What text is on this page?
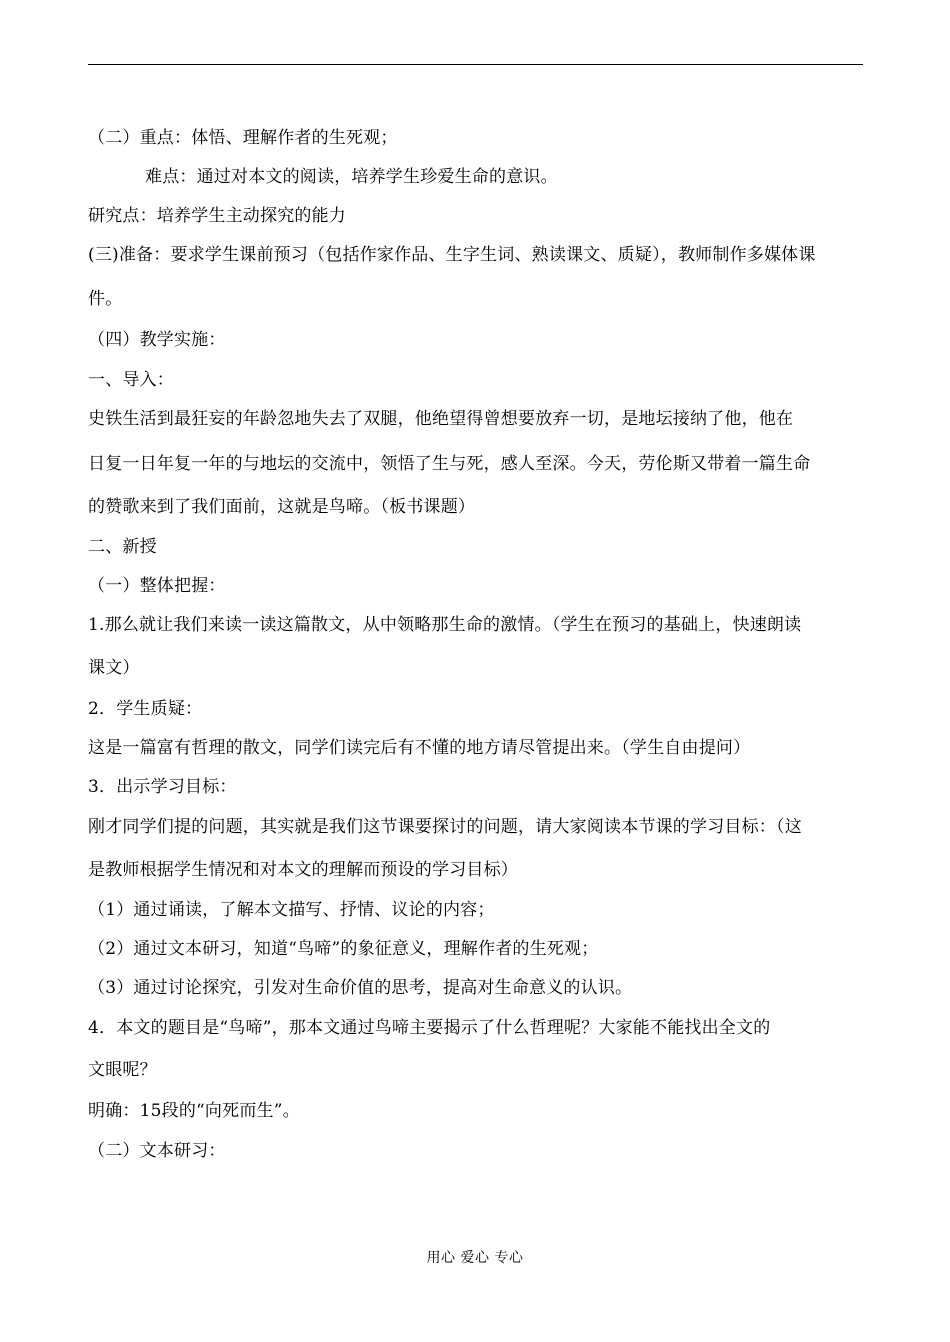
（二）重点：体悟、理解作者的生死观；
难点：通过对本文的阅读，培养学生珍爱生命的意识。
研究点：培养学生主动探究的能力
(三)准备：要求学生课前预习（包括作家作品、生字生词、熟读课文、质疑），教师制作多媒体课
件。
（四）教学实施：
一、导入：
史铁生活到最狂妄的年龄忽地失去了双腿，他绝望得曾想要放弃一切，是地坛接纳了他，他在
日复一日年复一年的与地坛的交流中，领悟了生与死，感人至深。今天，劳伦斯又带着一篇生命
的赞歌来到了我们面前，这就是鸟啼。（板书课题）
二、新授
（一）整体把握：
1.那么就让我们来读一读这篇散文，从中领略那生命的激情。（学生在预习的基础上，快速朗读
课文）
2．学生质疑：
这是一篇富有哲理的散文，同学们读完后有不懂的地方请尽管提出来。（学生自由提问）
3．出示学习目标：
刚才同学们提的问题，其实就是我们这节课要探讨的问题，请大家阅读本节课的学习目标：（这
是教师根据学生情况和对本文的理解而预设的学习目标）
（1）通过诵读，了解本文描写、抒情、议论的内容；
（2）通过文本研习，知道“鸟啼”的象征意义，理解作者的生死观；
（3）通过讨论探究，引发对生命价值的思考，提高对生命意义的认识。
4．本文的题目是“鸟啼”，那本文通过鸟啼主要揭示了什么哲理呢？大家能不能找出全文的
文眼呢？
明确：15段的“向死而生”。
（二）文本研习：
用心 爱心 专心
